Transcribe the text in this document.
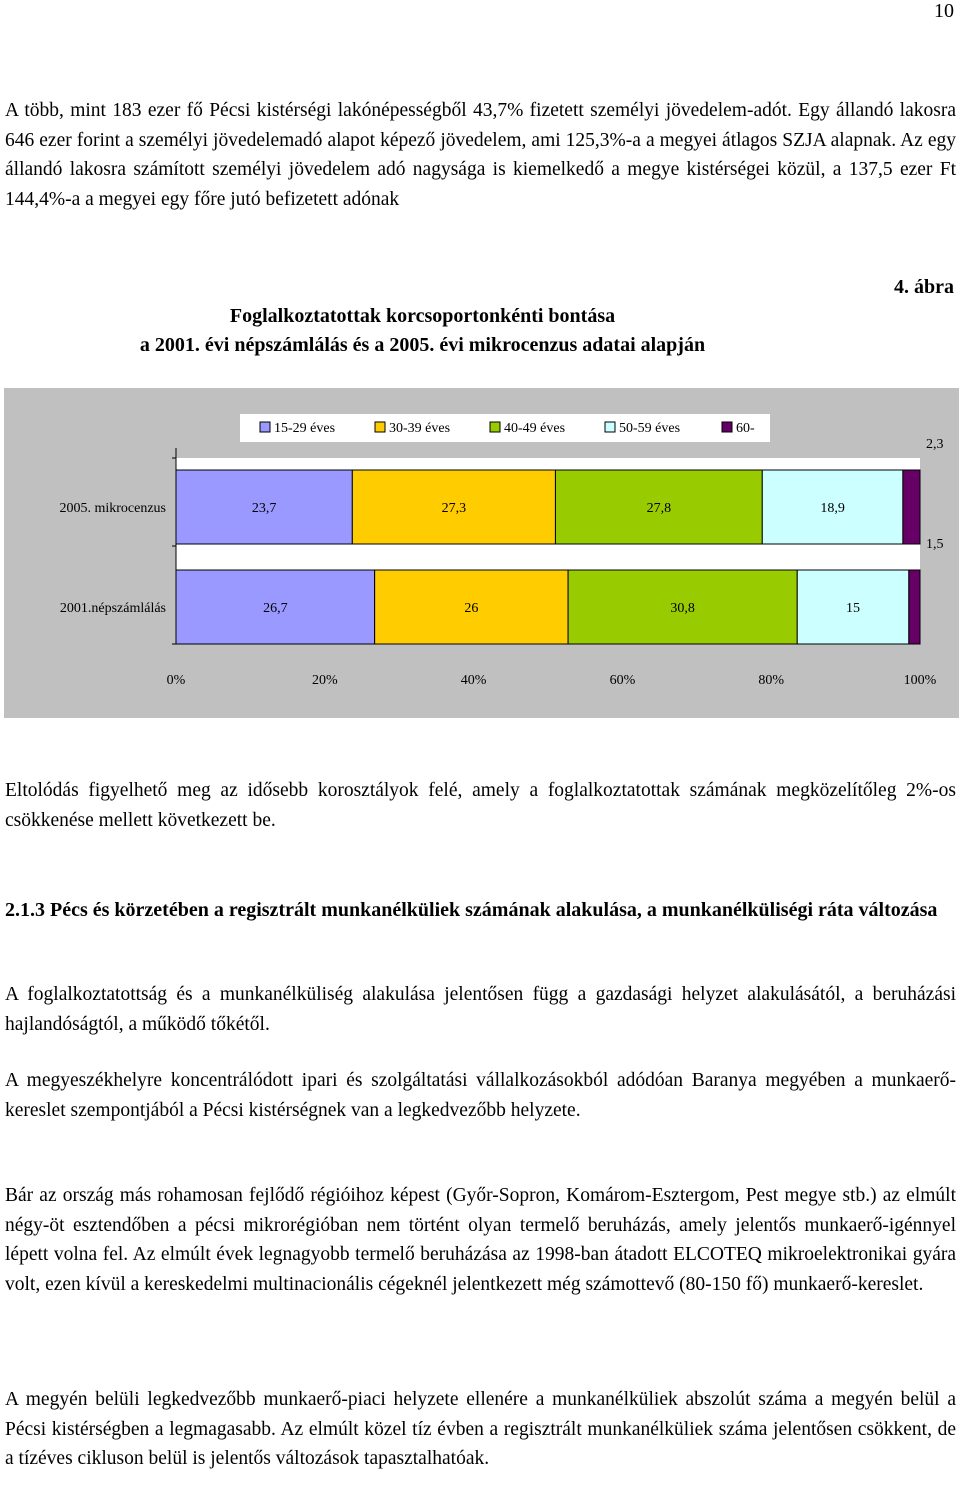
10

A több, mint 183 ezer fő Pécsi kistérségi lakónépességből 43,7% fizetett személyi jövedelem-adót. Egy állandó lakosra 646 ezer forint a személyi jövedelemadó alapot képező jövedelem, ami 125,3%-a a megyei átlagos SZJA alapnak. Az egy állandó lakosra számított személyi jövedelem adó nagysága is kiemelkedő a megye kistérségei közül, a 137,5 ezer Ft 144,4%-a a megyei egy főre jutó befizetett adónak

4. ábra
Foglalkoztatottak korcsoportonkénti bontása
a 2001. évi népszámlálás és a 2005. évi mikrocenzus adatai alapján
23,7	27,3	27,8	18,9
2,3
2005. mikrocenzus
26,7	26	30,8	15
1,5
2001.népszámlálás
0%	20%	40%	60%	80%	100%
15-29 éves	30-39 éves	40-49 éves	50-59 éves	60-

Eltolódás figyelhető meg az idősebb korosztályok felé, amely a foglalkoztatottak számának megközelítőleg 2%-os csökkenése mellett következett be.

2.1.3 Pécs és körzetében a regisztrált munkanélküliek számának alakulása, a munkanélküliségi ráta változása

A foglalkoztatottság és a munkanélküliség alakulása jelentősen függ a gazdasági helyzet alakulásától, a beruházási hajlandóságtól, a működő tőkétől.

A megyeszékhelyre koncentrálódott ipari és szolgáltatási vállalkozásokból adódóan Baranya megyében a munkaerő-kereslet szempontjából a Pécsi kistérségnek van a legkedvezőbb helyzete.

Bár az ország más rohamosan fejlődő régióihoz képest (Győr-Sopron, Komárom-Esztergom, Pest megye stb.) az elmúlt négy-öt esztendőben a pécsi mikrorégióban nem történt olyan termelő beruházás, amely jelentős munkaerő-igénnyel lépett volna fel. Az elmúlt évek legnagyobb termelő beruházása az 1998-ban átadott ELCOTEQ mikroelektronikai gyára volt, ezen kívül a kereskedelmi multinacionális cégeknél jelentkezett még számottevő (80-150 fő) munkaerő-kereslet.

A megyén belüli legkedvezőbb munkaerő-piaci helyzete ellenére a munkanélküliek abszolút száma a megyén belül a Pécsi kistérségben a legmagasabb. Az elmúlt közel tíz évben a regisztrált munkanélküliek száma jelentősen csökkent, de a tízéves cikluson belül is jelentős változások tapasztalhatóak.
